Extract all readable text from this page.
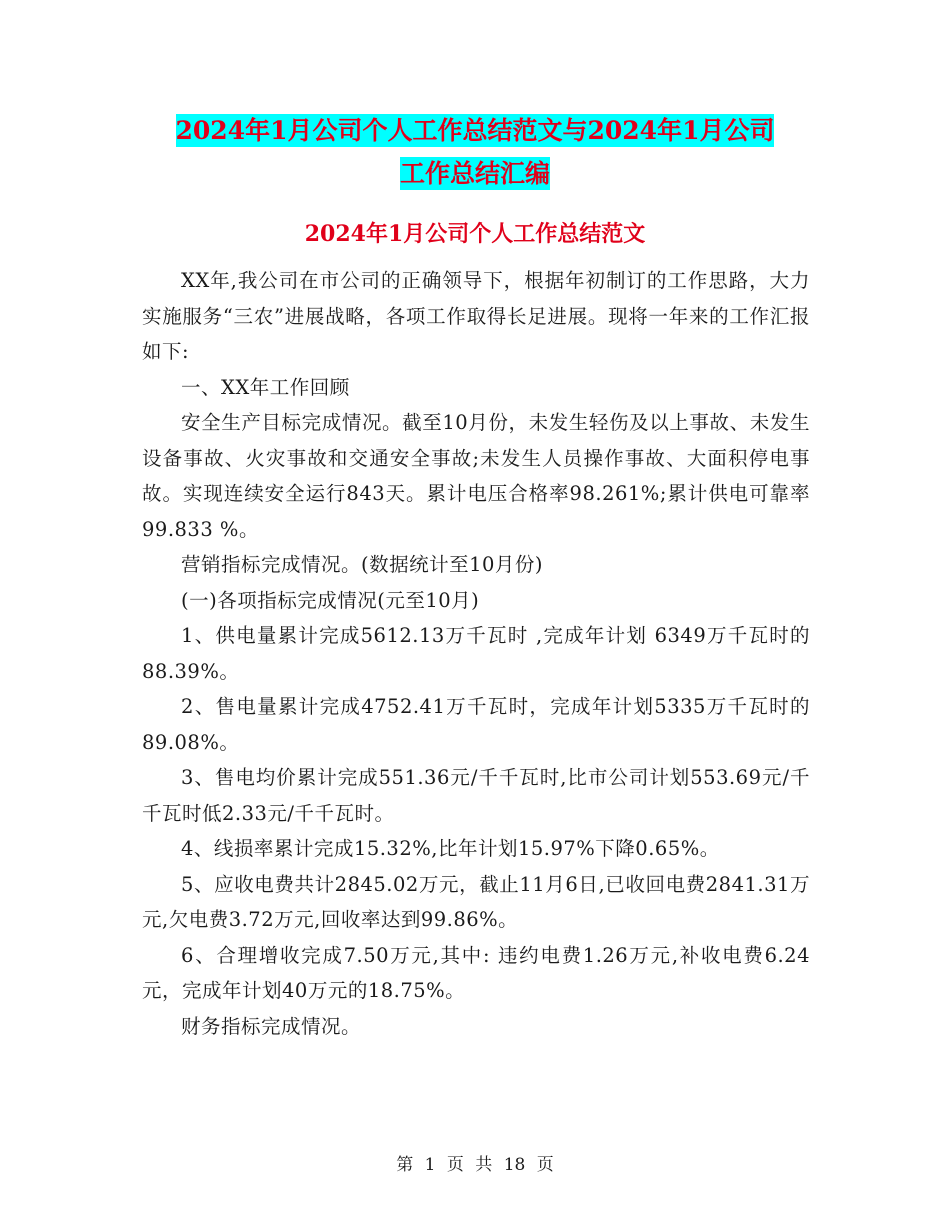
2024年1月公司个人工作总结范文与2024年1月公司
工作总结汇编
2024年1月公司个人工作总结范文

XX年,我公司在市公司的正确领导下，根据年初制订的工作思路，大力实施服务“三农”进展战略，各项工作取得长足进展。现将一年来的工作汇报如下:

一、XX年工作回顾

安全生产目标完成情况。截至10月份，未发生轻伤及以上事故、未发生设备事故、火灾事故和交通安全事故;未发生人员操作事故、大面积停电事故。实现连续安全运行843天。累计电压合格率98.261%;累计供电可靠率99.833 %。

营销指标完成情况。(数据统计至10月份)

(一)各项指标完成情况(元至10月)

1、供电量累计完成5612.13万千瓦时 ,完成年计划 6349万千瓦时的88.39%。

2、售电量累计完成4752.41万千瓦时，完成年计划5335万千瓦时的89.08%。

3、售电均价累计完成551.36元/千千瓦时,比市公司计划553.69元/千千瓦时低2.33元/千千瓦时。

4、线损率累计完成15.32%,比年计划15.97%下降0.65%。

5、应收电费共计2845.02万元，截止11月6日,已收回电费2841.31万元,欠电费3.72万元,回收率达到99.86%。

6、合理增收完成7.50万元,其中: 违约电费1.26万元,补收电费6.24元，完成年计划40万元的18.75%。

财务指标完成情况。

第 1 页 共 18 页
